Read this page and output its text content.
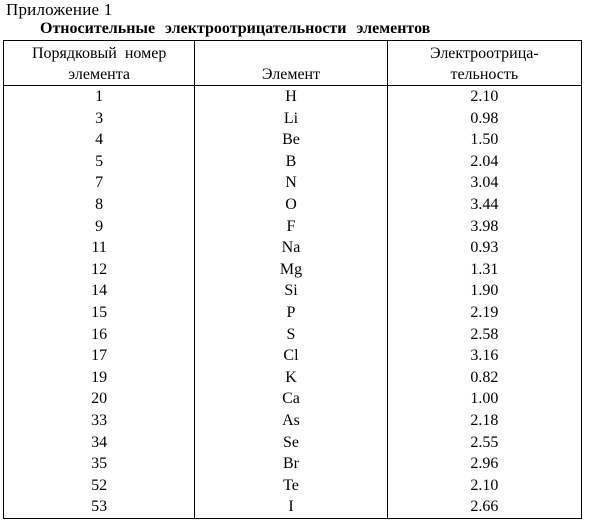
Приложение 1
Относительные электроотрицательности элементов
Порядковый номер
элемента	Элемент	Электроотрица-
тельность

1	H	2.10
3	Li	0.98
4	Be	1.50
5	B	2.04
7	N	3.04
8	O	3.44
9	F	3.98
11	Na	0.93
12	Mg	1.31
14	Si	1.90
15	P	2.19
16	S	2.58
17	Cl	3.16
19	K	0.82
20	Ca	1.00
33	As	2.18
34	Se	2.55
35	Br	2.96
52	Te	2.10
53	I	2.66
